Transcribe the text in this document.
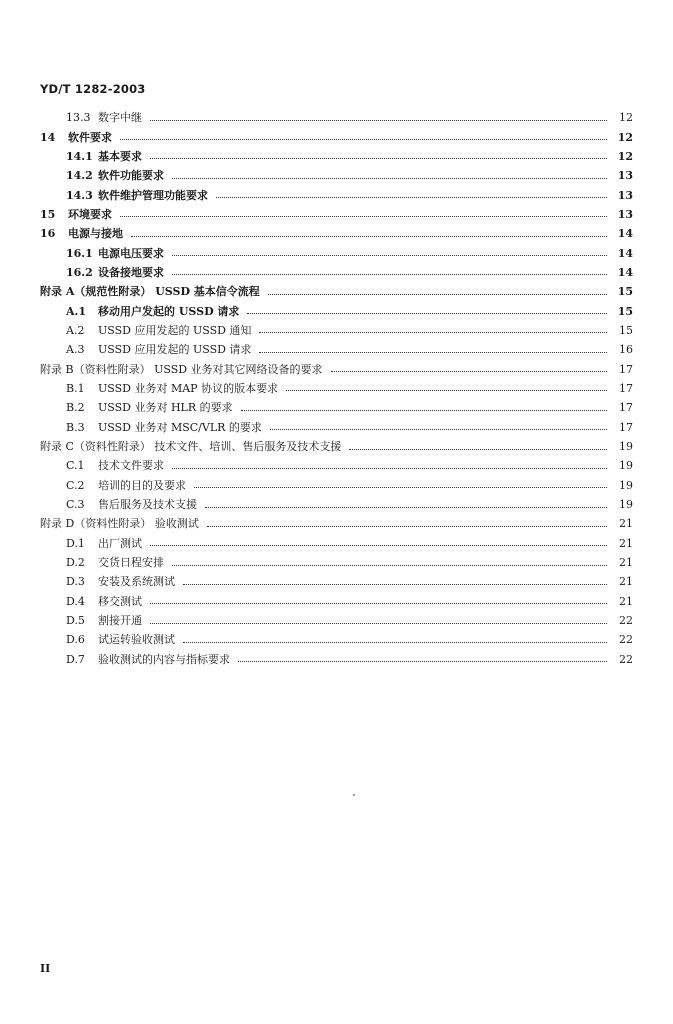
YD/T 1282-2003
13.3 数字中继	12
14	软件要求	12
14.1 基本要求	12
14.2 软件功能要求	13
14.3 软件维护管理功能要求	13
15	环境要求	13
16	电源与接地	14
16.1 电源电压要求	14
16.2 设备接地要求	14
附录 A （规范性附录） USSD 基本信令流程	15
A.1	移动用户发起的 USSD 请求	15
A.2	USSD 应用发起的 USSD 通知	15
A.3	USSD 应用发起的 USSD 请求	16
附录 B （资料性附录） USSD 业务对其它网络设备的要求	17
B.1	USSD 业务对 MAP 协议的版本要求	17
B.2	USSD 业务对 HLR 的要求	17
B.3	USSD 业务对 MSC/VLR 的要求	17
附录 C （资料性附录） 技术文件、培训、售后服务及技术支援	19
C.1	技术文件要求	19
C.2	培训的目的及要求	19
C.3	售后服务及技术支援	19
附录 D （资料性附录） 验收测试	21
D.1	出厂测试	21
D.2	交货日程安排	21
D.3	安装及系统测试	21
D.4	移交测试	21
D.5	割接开通	22
D.6	试运转验收测试	22
D.7	验收测试的内容与指标要求	22
II
